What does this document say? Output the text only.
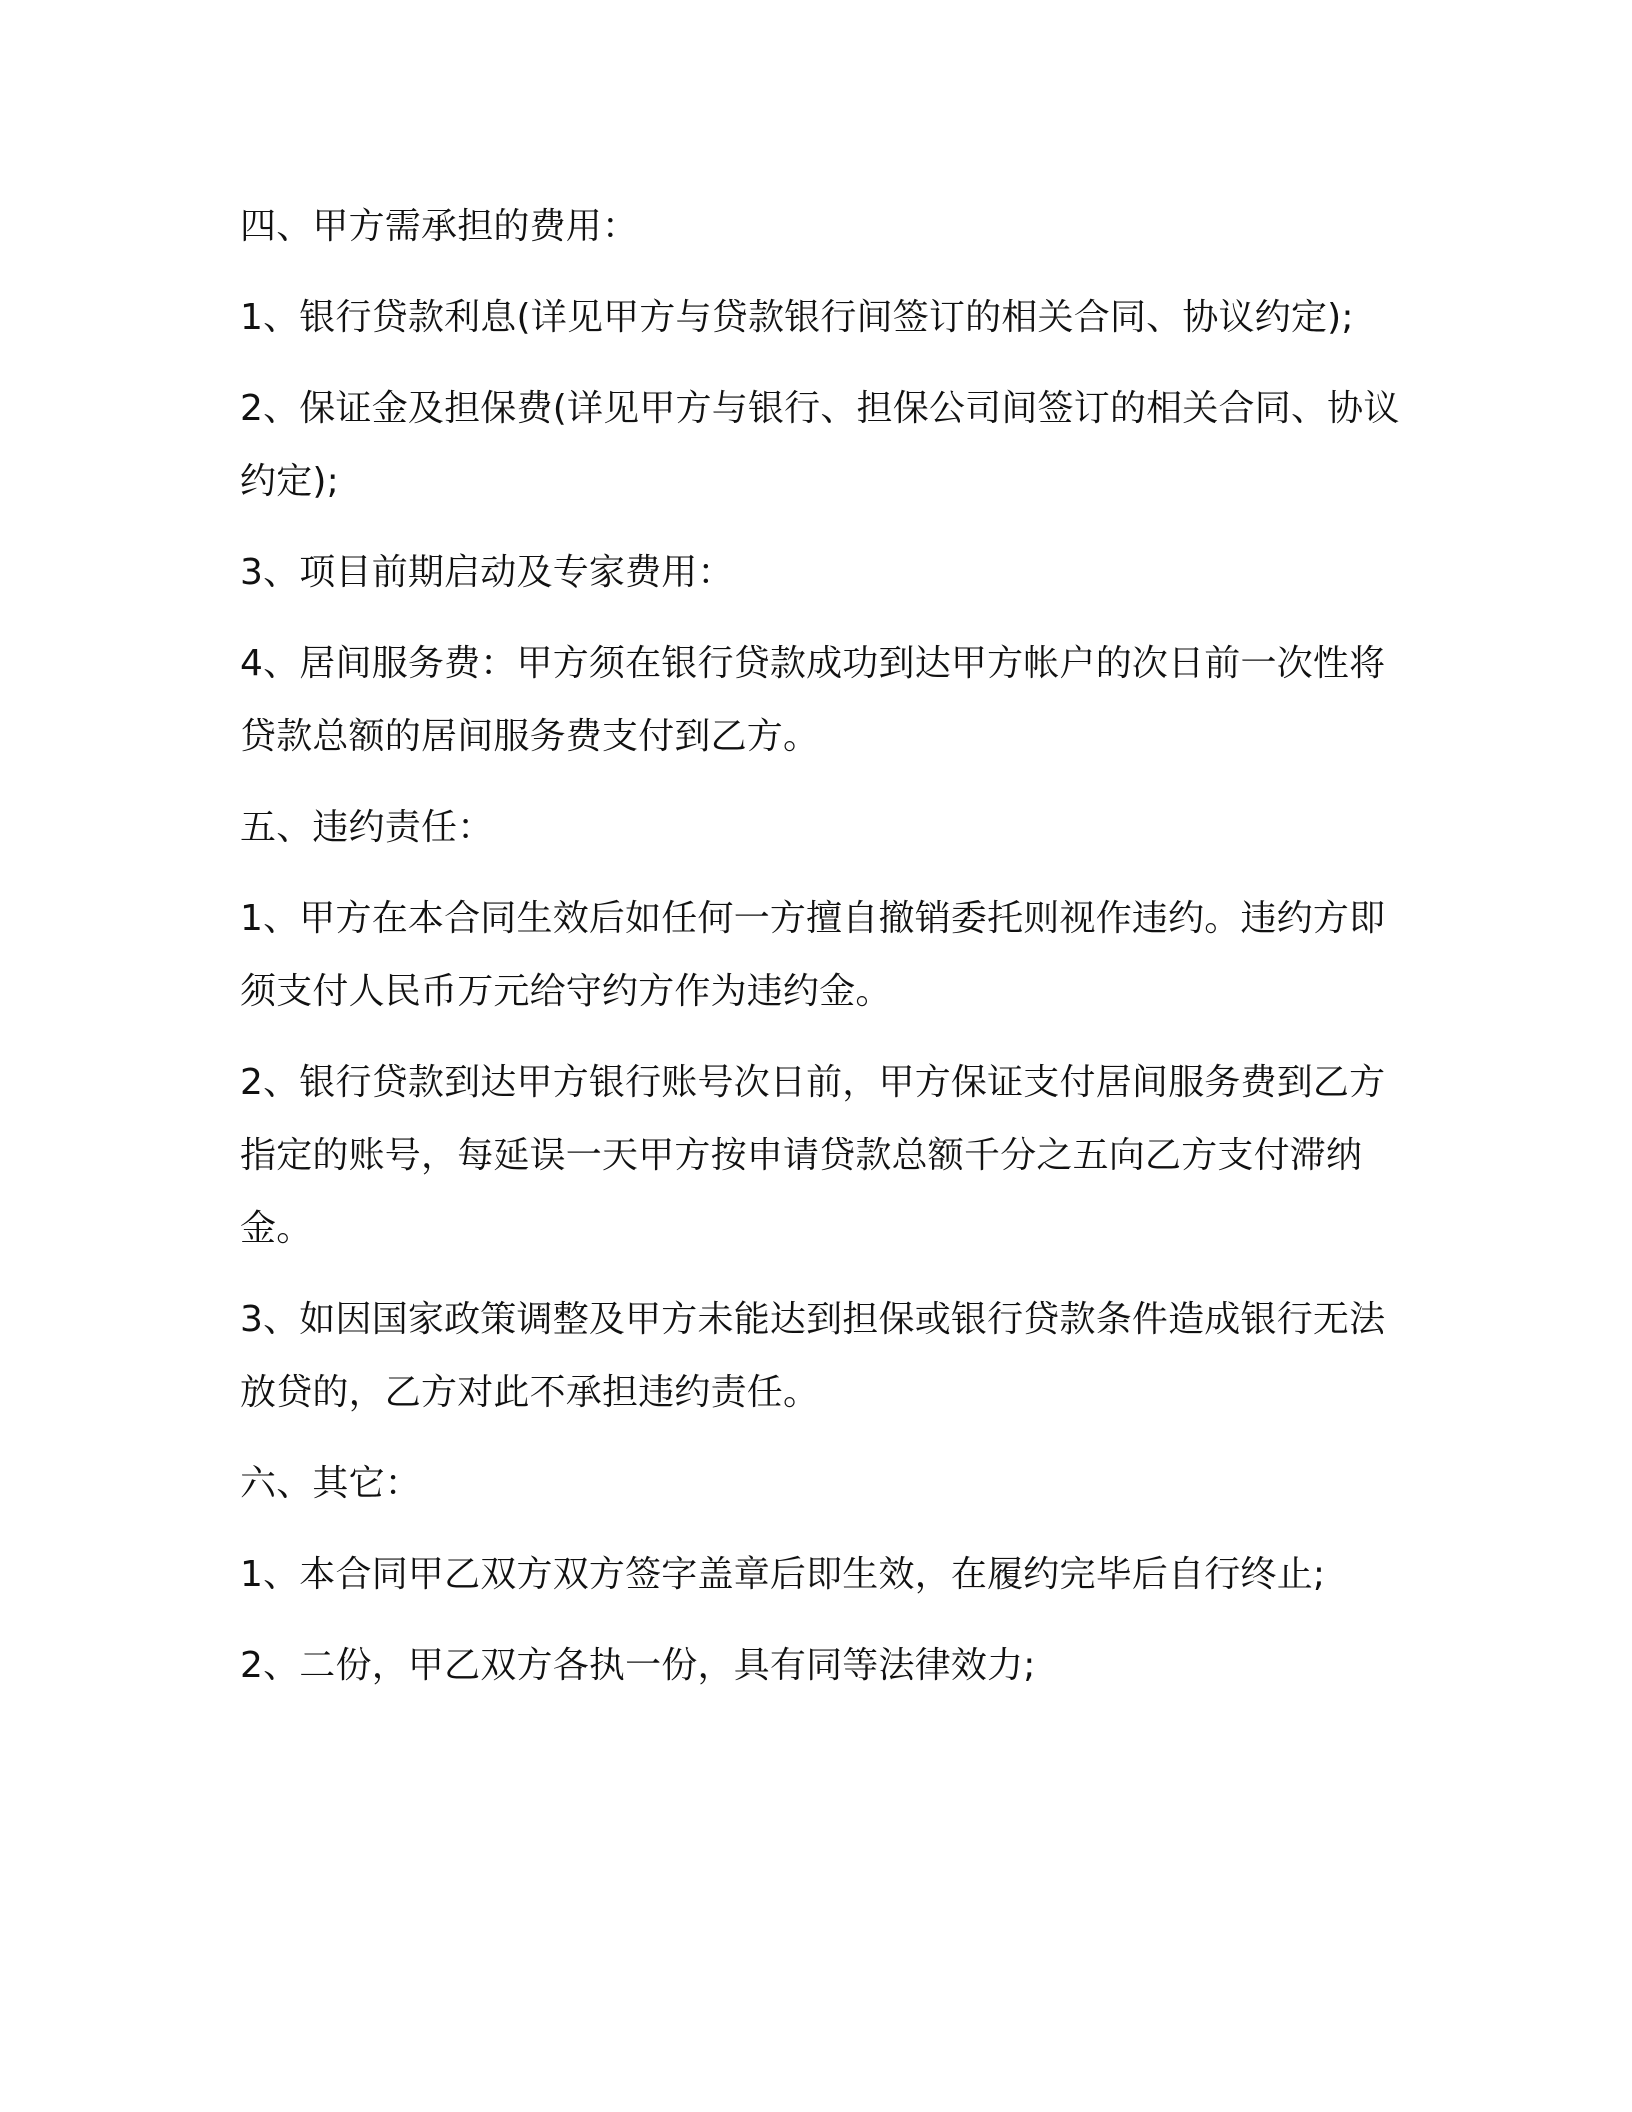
四、甲方需承担的费用：

1、银行贷款利息(详见甲方与贷款银行间签订的相关合同、协议约定);

2、保证金及担保费(详见甲方与银行、担保公司间签订的相关合同、协议约定);

3、项目前期启动及专家费用：

4、居间服务费：甲方须在银行贷款成功到达甲方帐户的次日前一次性将贷款总额的居间服务费支付到乙方。

五、违约责任：

1、甲方在本合同生效后如任何一方擅自撤销委托则视作违约。违约方即须支付人民币万元给守约方作为违约金。

2、银行贷款到达甲方银行账号次日前，甲方保证支付居间服务费到乙方指定的账号，每延误一天甲方按申请贷款总额千分之五向乙方支付滞纳金。

3、如因国家政策调整及甲方未能达到担保或银行贷款条件造成银行无法放贷的，乙方对此不承担违约责任。

六、其它：

1、本合同甲乙双方双方签字盖章后即生效，在履约完毕后自行终止;

2、二份，甲乙双方各执一份，具有同等法律效力;
